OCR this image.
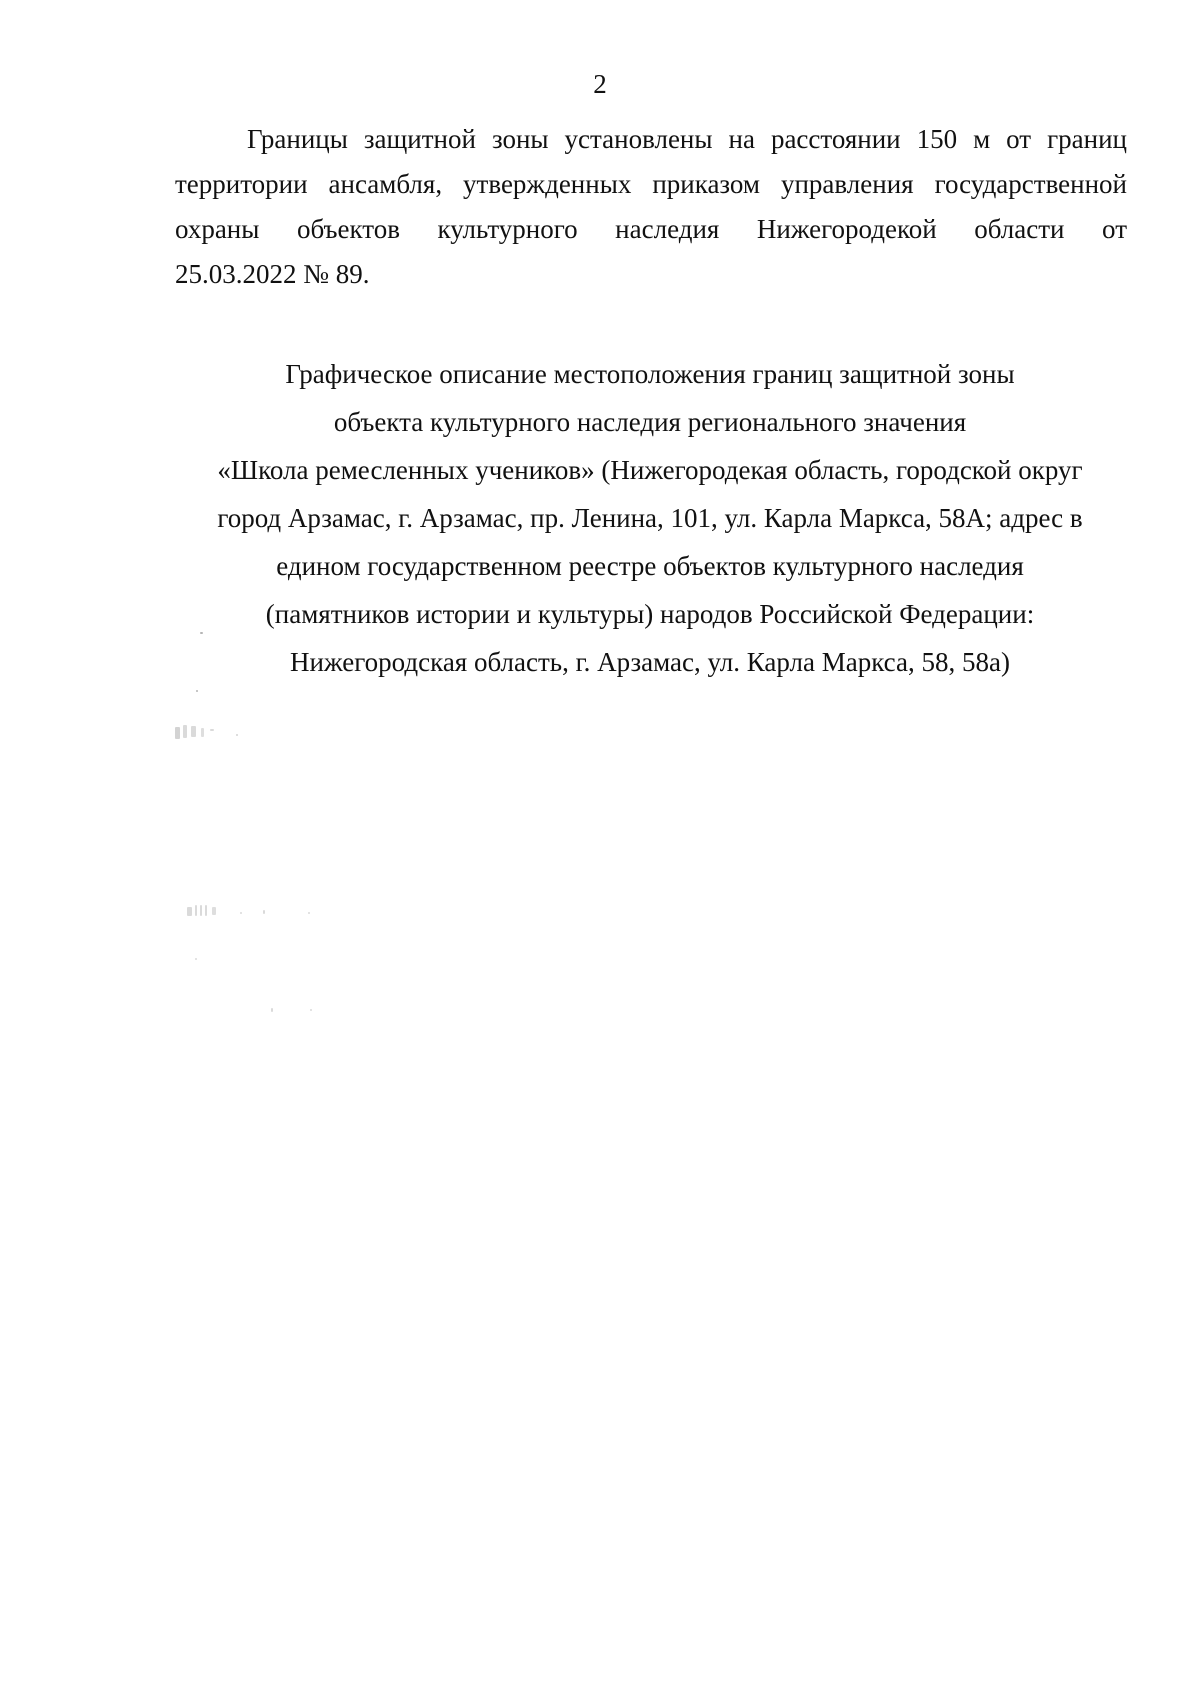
2
Границы защитной зоны установлены на расстоянии 150 м от границ
территории ансамбля, утвержденных приказом управления государственной
охраны объектов культурного наследия Нижегородекой области от
25.03.2022 № 89.
Графическое описание местоположения границ защитной зоны
объекта культурного наследия регионального значения
«Школа ремесленных учеников» (Нижегородекая область, городской округ
город Арзамас, г. Арзамас, пр. Ленина, 101, ул. Карла Маркса, 58А; адрес в
едином государственном реестре объектов культурного наследия
(памятников истории и культуры) народов Российской Федерации:
Нижегородская область, г. Арзамас, ул. Карла Маркса, 58, 58а)
